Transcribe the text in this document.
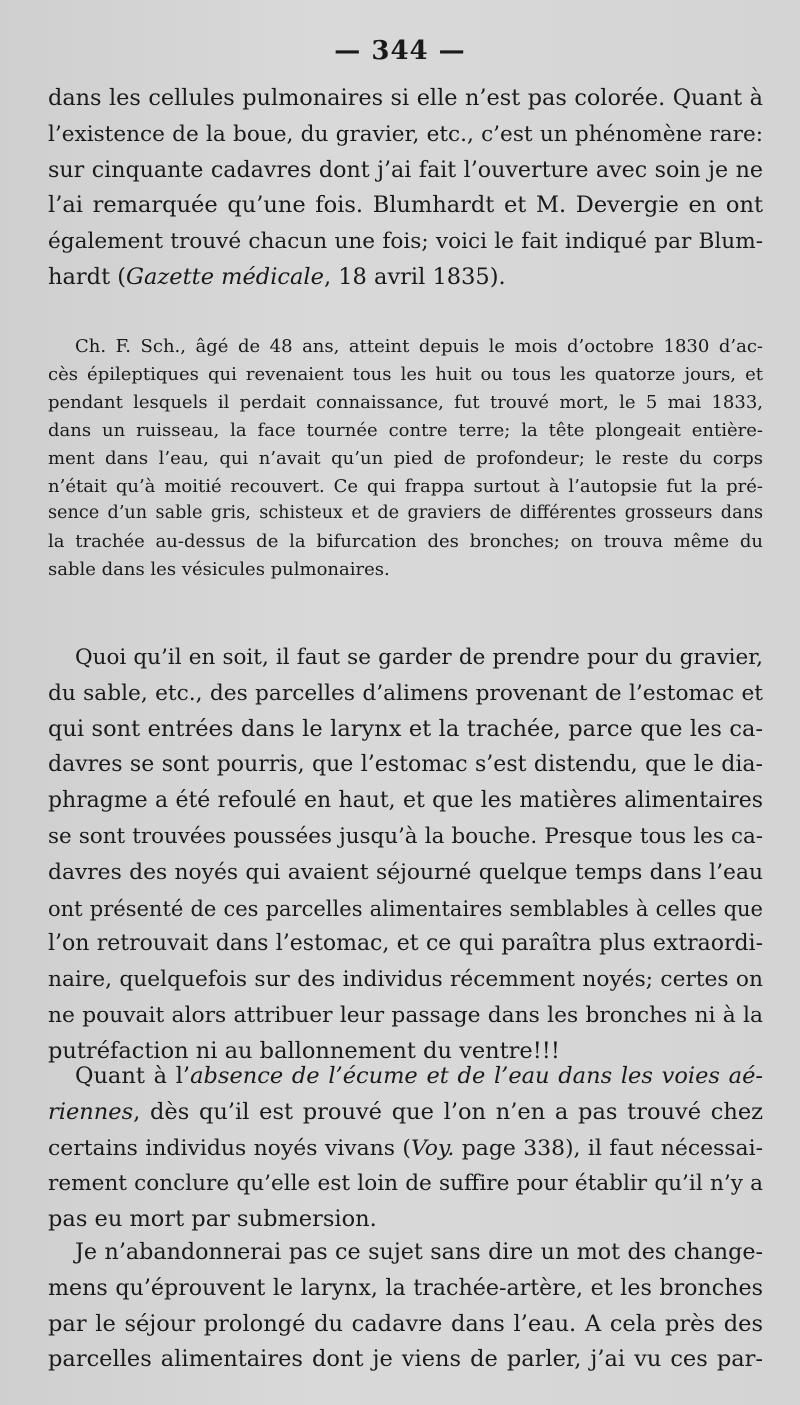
— 344 —
dans les cellules pulmonaires si elle n’est pas colorée. Quant à
l’existence de la boue, du gravier, etc., c’est un phénomène rare:
sur cinquante cadavres dont j’ai fait l’ouverture avec soin je ne
l’ai remarquée qu’une fois. Blumhardt et M. Devergie en ont
également trouvé chacun une fois; voici le fait indiqué par Blum-
hardt (Gazette médicale, 18 avril 1835).
Ch. F. Sch., âgé de 48 ans, atteint depuis le mois d’octobre 1830 d’ac-
cès épileptiques qui revenaient tous les huit ou tous les quatorze jours, et
pendant lesquels il perdait connaissance, fut trouvé mort, le 5 mai 1833,
dans un ruisseau, la face tournée contre terre; la tête plongeait entière-
ment dans l’eau, qui n’avait qu’un pied de profondeur; le reste du corps
n’était qu’à moitié recouvert. Ce qui frappa surtout à l’autopsie fut la pré-
sence d’un sable gris, schisteux et de graviers de différentes grosseurs dans
la trachée au-dessus de la bifurcation des bronches; on trouva même du
sable dans les vésicules pulmonaires.
Quoi qu’il en soit, il faut se garder de prendre pour du gravier,
du sable, etc., des parcelles d’alimens provenant de l’estomac et
qui sont entrées dans le larynx et la trachée, parce que les ca-
davres se sont pourris, que l’estomac s’est distendu, que le dia-
phragme a été refoulé en haut, et que les matières alimentaires
se sont trouvées poussées jusqu’à la bouche. Presque tous les ca-
davres des noyés qui avaient séjourné quelque temps dans l’eau
ont présenté de ces parcelles alimentaires semblables à celles que
l’on retrouvait dans l’estomac, et ce qui paraîtra plus extraordi-
naire, quelquefois sur des individus récemment noyés; certes on
ne pouvait alors attribuer leur passage dans les bronches ni à la
putréfaction ni au ballonnement du ventre!!!
Quant à l’absence de l’écume et de l’eau dans les voies aé-
riennes, dès qu’il est prouvé que l’on n’en a pas trouvé chez
certains individus noyés vivans (Voy. page 338), il faut nécessai-
rement conclure qu’elle est loin de suffire pour établir qu’il n’y a
pas eu mort par submersion.
Je n’abandonnerai pas ce sujet sans dire un mot des change-
mens qu’éprouvent le larynx, la trachée-artère, et les bronches
par le séjour prolongé du cadavre dans l’eau. A cela près des
parcelles alimentaires dont je viens de parler, j’ai vu ces par-
